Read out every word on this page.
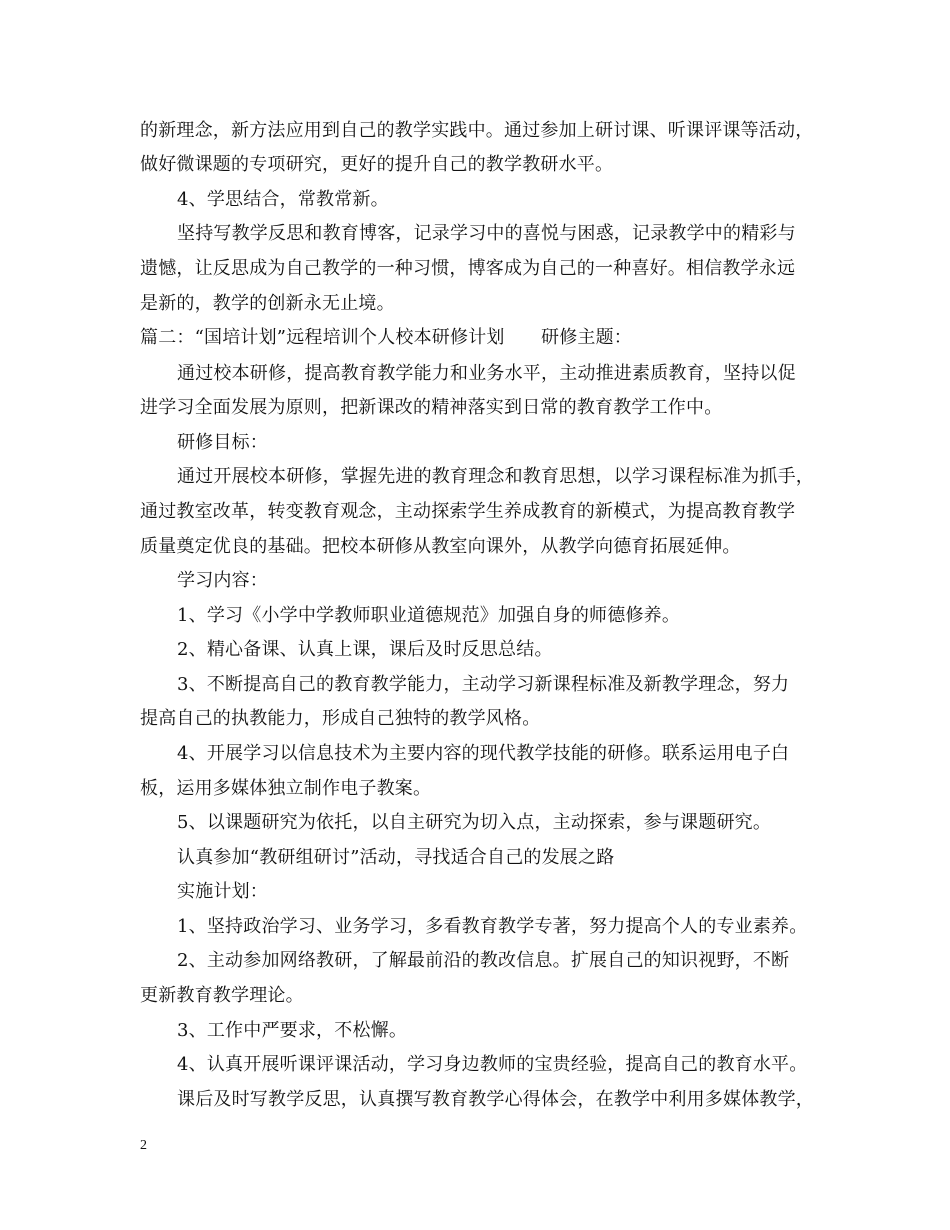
的新理念，新方法应用到自己的教学实践中。通过参加上研讨课、听课评课等活动，
做好微课题的专项研究，更好的提升自己的教学教研水平。
4、学思结合，常教常新。
坚持写教学反思和教育博客，记录学习中的喜悦与困惑，记录教学中的精彩与
遗憾，让反思成为自己教学的一种习惯，博客成为自己的一种喜好。相信教学永远
是新的，教学的创新永无止境。
篇二：“国培计划”远程培训个人校本研修计划　　研修主题：
通过校本研修，提高教育教学能力和业务水平，主动推进素质教育，坚持以促
进学习全面发展为原则，把新课改的精神落实到日常的教育教学工作中。
研修目标：
通过开展校本研修，掌握先进的教育理念和教育思想，以学习课程标准为抓手，
通过教室改革，转变教育观念，主动探索学生养成教育的新模式，为提高教育教学
质量奠定优良的基础。把校本研修从教室向课外，从教学向德育拓展延伸。
学习内容：
1、学习《小学中学教师职业道德规范》加强自身的师德修养。
2、精心备课、认真上课，课后及时反思总结。
3、不断提高自己的教育教学能力，主动学习新课程标准及新教学理念，努力
提高自己的执教能力，形成自己独特的教学风格。
4、开展学习以信息技术为主要内容的现代教学技能的研修。联系运用电子白
板，运用多媒体独立制作电子教案。
5、以课题研究为依托，以自主研究为切入点，主动探索，参与课题研究。
认真参加“教研组研讨”活动，寻找适合自己的发展之路
实施计划：
1、坚持政治学习、业务学习，多看教育教学专著，努力提高个人的专业素养。
2、主动参加网络教研，了解最前沿的教改信息。扩展自己的知识视野，不断
更新教育教学理论。
3、工作中严要求，不松懈。
4、认真开展听课评课活动，学习身边教师的宝贵经验，提高自己的教育水平。
课后及时写教学反思，认真撰写教育教学心得体会，在教学中利用多媒体教学，
2
